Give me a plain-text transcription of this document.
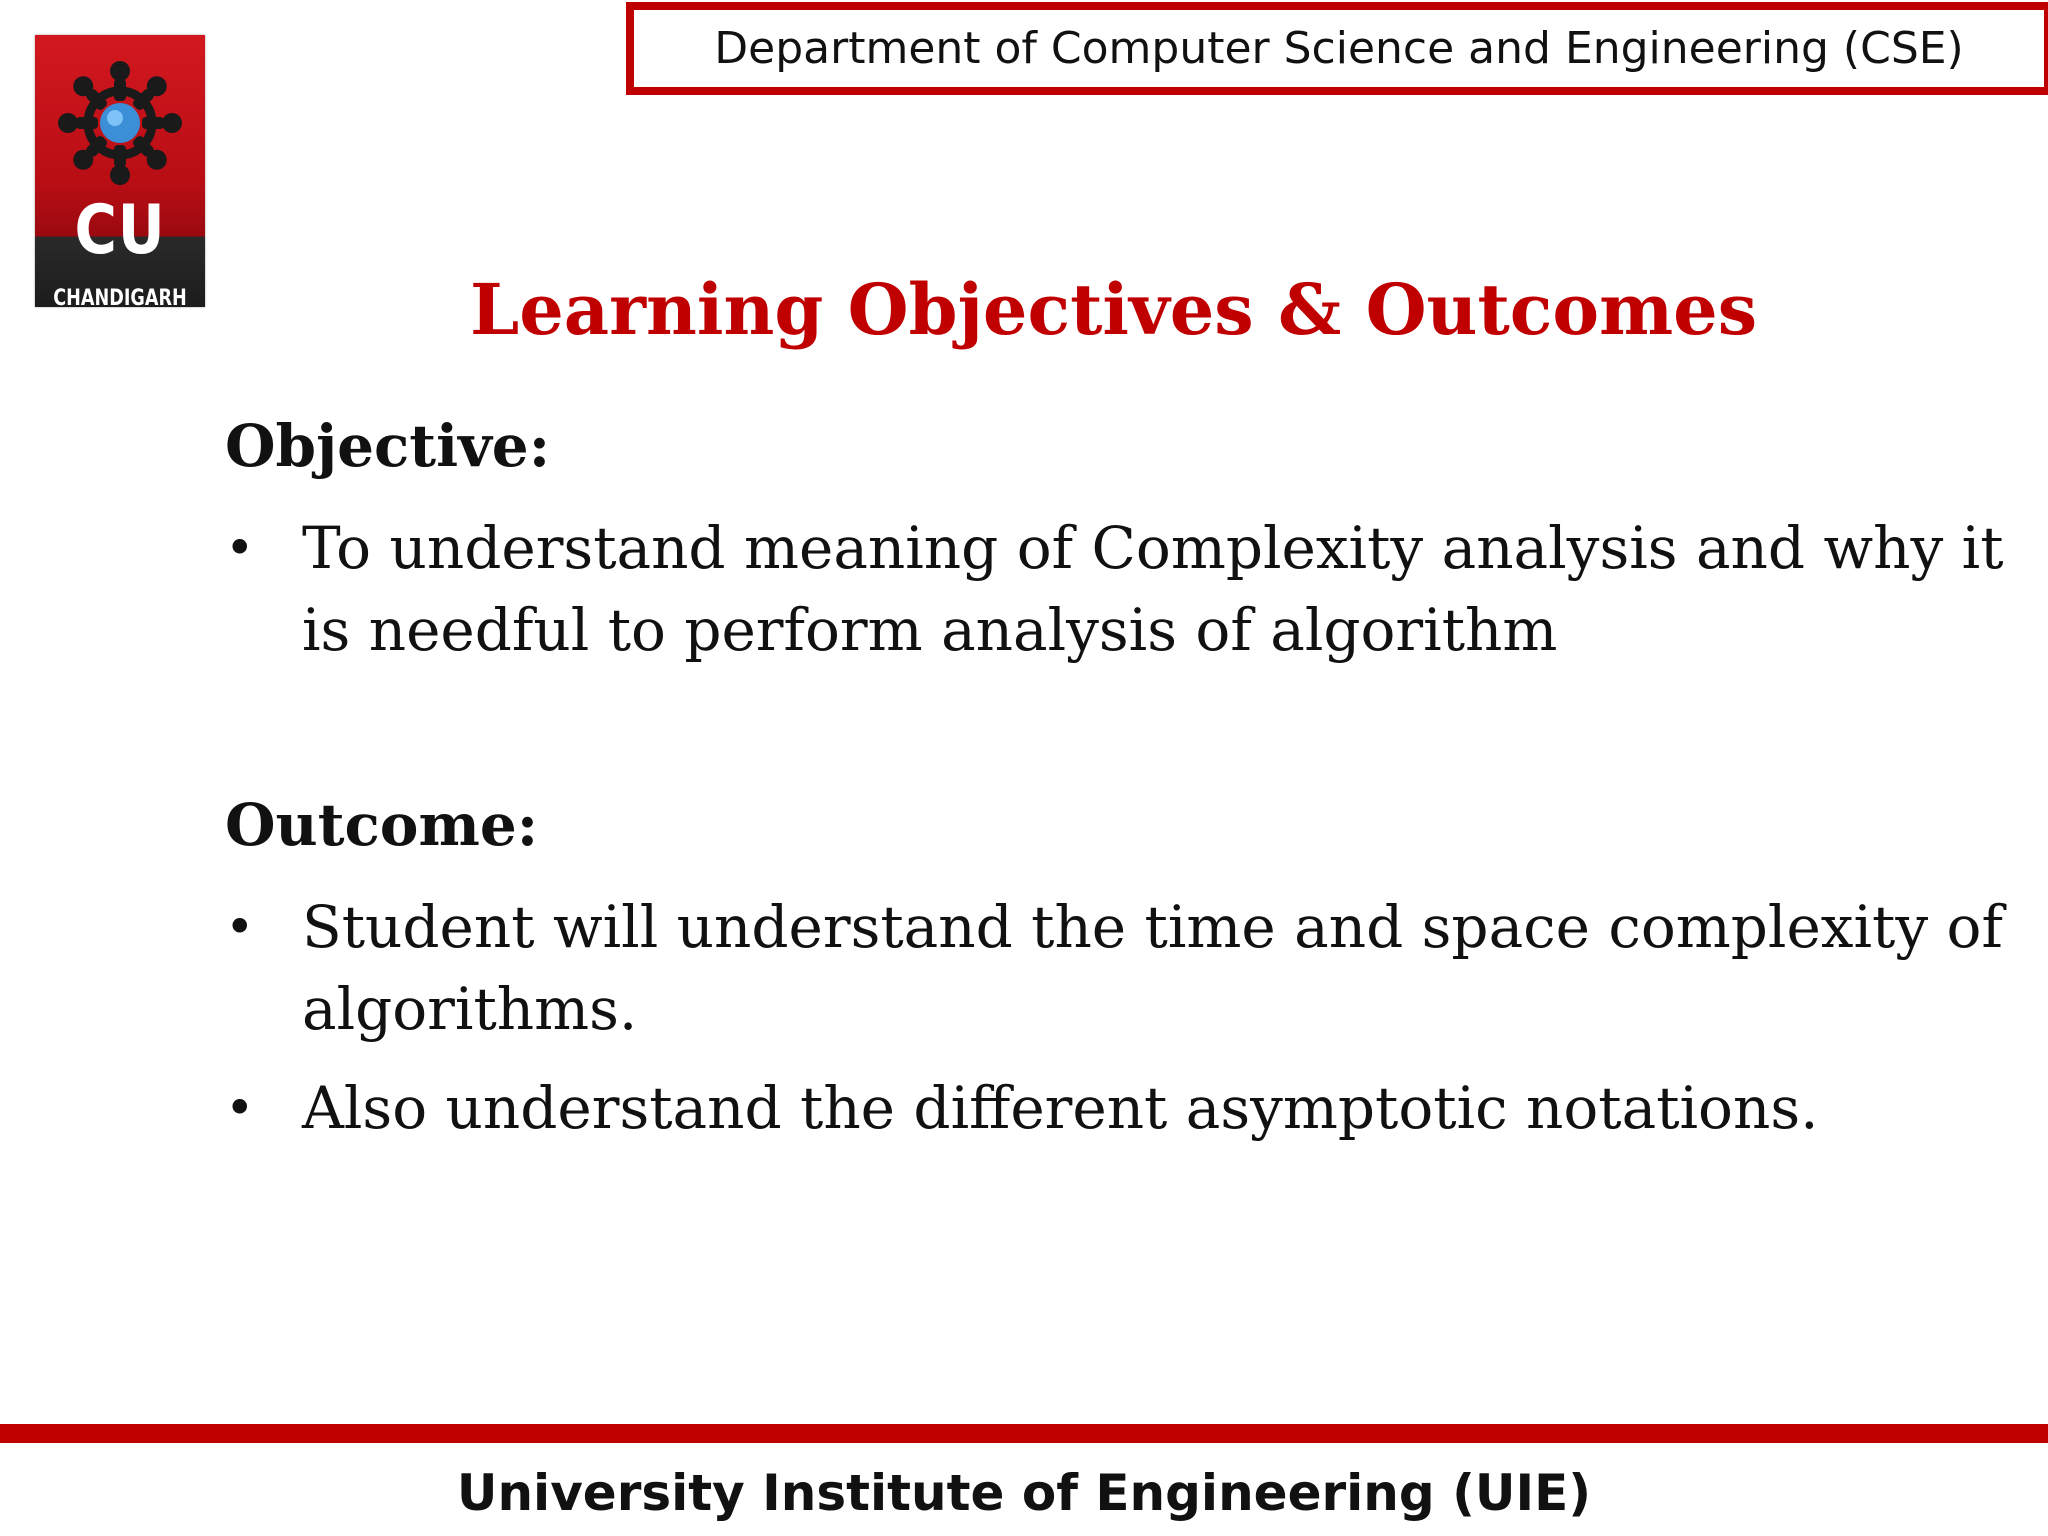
Department of Computer Science and Engineering (CSE)
CU
CHANDIGARH
UNIVERSITY	Learning Objectives & Outcomes
Objective:
• To understand meaning of Complexity analysis and why it is needful to perform analysis of algorithm
Outcome:
• Student will understand the time and space complexity of algorithms.
• Also understand the different asymptotic notations.
University Institute of Engineering (UIE)
